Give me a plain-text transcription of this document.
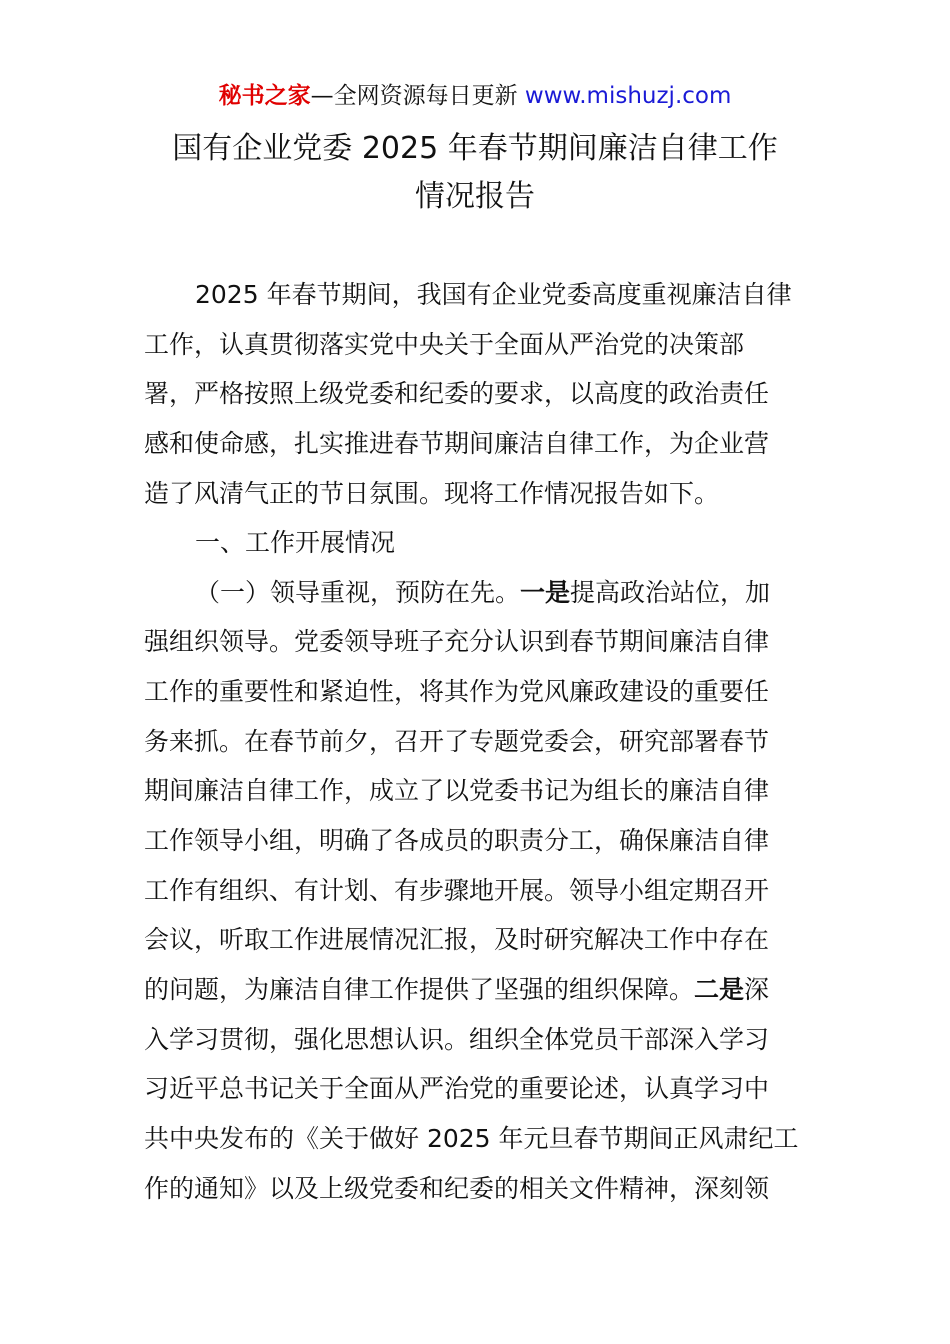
秘书之家—全网资源每日更新 www.mishuzj.com
国有企业党委 2025 年春节期间廉洁自律工作
情况报告
2025 年春节期间，我国有企业党委高度重视廉洁自律
工作，认真贯彻落实党中央关于全面从严治党的决策部
署，严格按照上级党委和纪委的要求，以高度的政治责任
感和使命感，扎实推进春节期间廉洁自律工作，为企业营
造了风清气正的节日氛围。现将工作情况报告如下。
一、工作开展情况
（一）领导重视，预防在先。一是提高政治站位，加
强组织领导。党委领导班子充分认识到春节期间廉洁自律
工作的重要性和紧迫性，将其作为党风廉政建设的重要任
务来抓。在春节前夕，召开了专题党委会，研究部署春节
期间廉洁自律工作，成立了以党委书记为组长的廉洁自律
工作领导小组，明确了各成员的职责分工，确保廉洁自律
工作有组织、有计划、有步骤地开展。领导小组定期召开
会议，听取工作进展情况汇报，及时研究解决工作中存在
的问题，为廉洁自律工作提供了坚强的组织保障。二是深
入学习贯彻，强化思想认识。组织全体党员干部深入学习
习近平总书记关于全面从严治党的重要论述，认真学习中
共中央发布的《关于做好 2025 年元旦春节期间正风肃纪工
作的通知》以及上级党委和纪委的相关文件精神，深刻领
